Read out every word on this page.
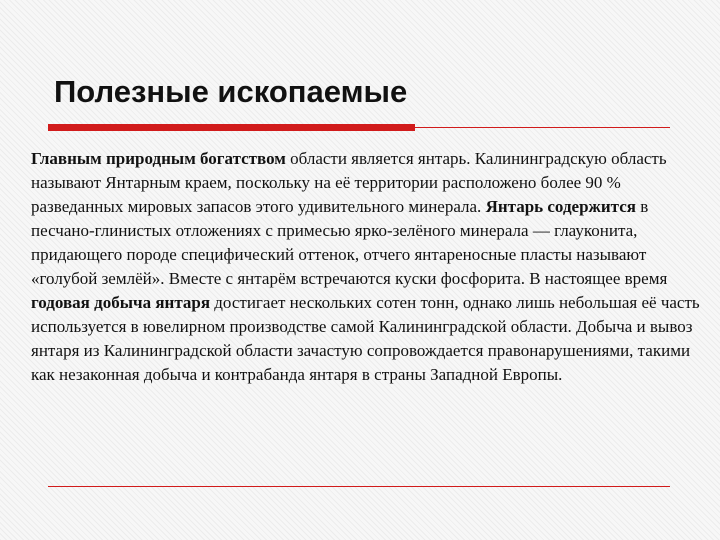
Полезные ископаемые

Главным природным богатством области является янтарь. Калининградскую область называют Янтарным краем, поскольку на её территории расположено более 90 % разведанных мировых запасов этого удивительного минерала. Янтарь содержится в песчано-глинистых отложениях с примесью ярко-зелёного минерала — глауконита, придающего породе специфический оттенок, отчего янтареносные пласты называют «голубой землёй». Вместе с янтарём встречаются куски фосфорита. В настоящее время годовая добыча янтаря достигает нескольких сотен тонн, однако лишь небольшая её часть используется в ювелирном производстве самой Калининградской области. Добыча и вывоз янтаря из Калининградской области зачастую сопровождается правонарушениями, такими как незаконная добыча и контрабанда янтаря в страны Западной Европы.
